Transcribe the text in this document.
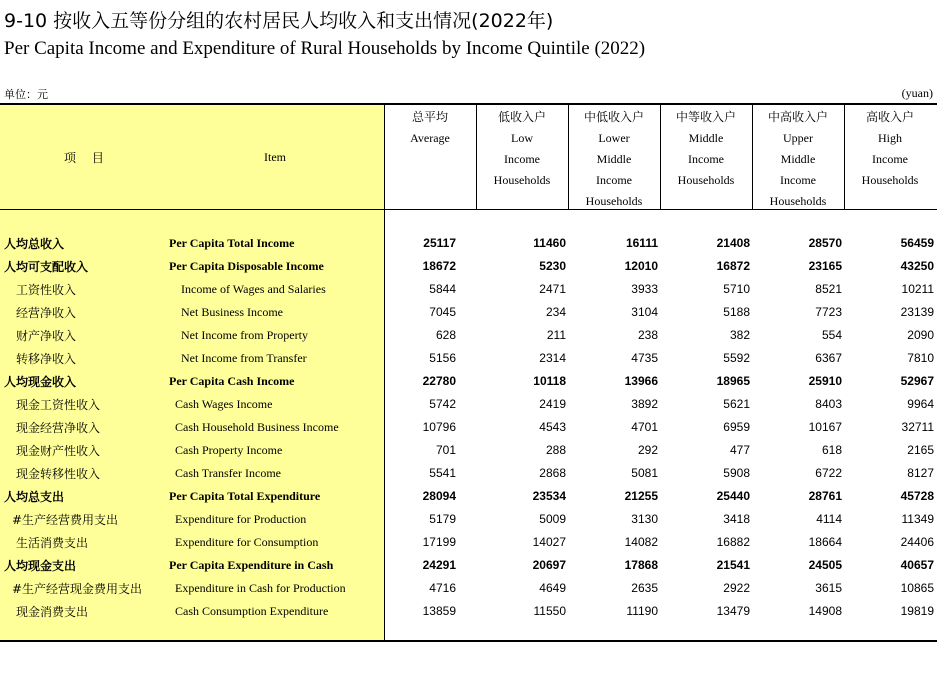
9-10 按收入五等份分组的农村居民人均收入和支出情况(2022年)
Per Capita Income and Expenditure of Rural Households by Income Quintile (2022)
单位：元	(yuan)
项 目	Item
总平均
Average
低收入户
Low
Income
Households
中低收入户
Lower
Middle
Income
Households
中等收入户
Middle
Income
Households
中高收入户
Upper
Middle
Income
Households
高收入户
High
Income
Households
人均总收入	Per Capita Total Income	25117	11460	16111	21408	28570	56459
人均可支配收入	Per Capita Disposable Income	18672	5230	12010	16872	23165	43250
工资性收入	Income of Wages and Salaries	5844	2471	3933	5710	8521	10211
经营净收入	Net Business Income	7045	234	3104	5188	7723	23139
财产净收入	Net Income from Property	628	211	238	382	554	2090
转移净收入	Net Income from Transfer	5156	2314	4735	5592	6367	7810
人均现金收入	Per Capita Cash Income	22780	10118	13966	18965	25910	52967
现金工资性收入	Cash Wages Income	5742	2419	3892	5621	8403	9964
现金经营净收入	Cash Household Business Income	10796	4543	4701	6959	10167	32711
现金财产性收入	Cash Property Income	701	288	292	477	618	2165
现金转移性收入	Cash Transfer Income	5541	2868	5081	5908	6722	8127
人均总支出	Per Capita Total Expenditure	28094	23534	21255	25440	28761	45728
#生产经营费用支出	Expenditure for Production	5179	5009	3130	3418	4114	11349
生活消费支出	Expenditure for Consumption	17199	14027	14082	16882	18664	24406
人均现金支出	Per Capita Expenditure in Cash	24291	20697	17868	21541	24505	40657
#生产经营现金费用支出	Expenditure in Cash for Production	4716	4649	2635	2922	3615	10865
现金消费支出	Cash Consumption Expenditure	13859	11550	11190	13479	14908	19819
